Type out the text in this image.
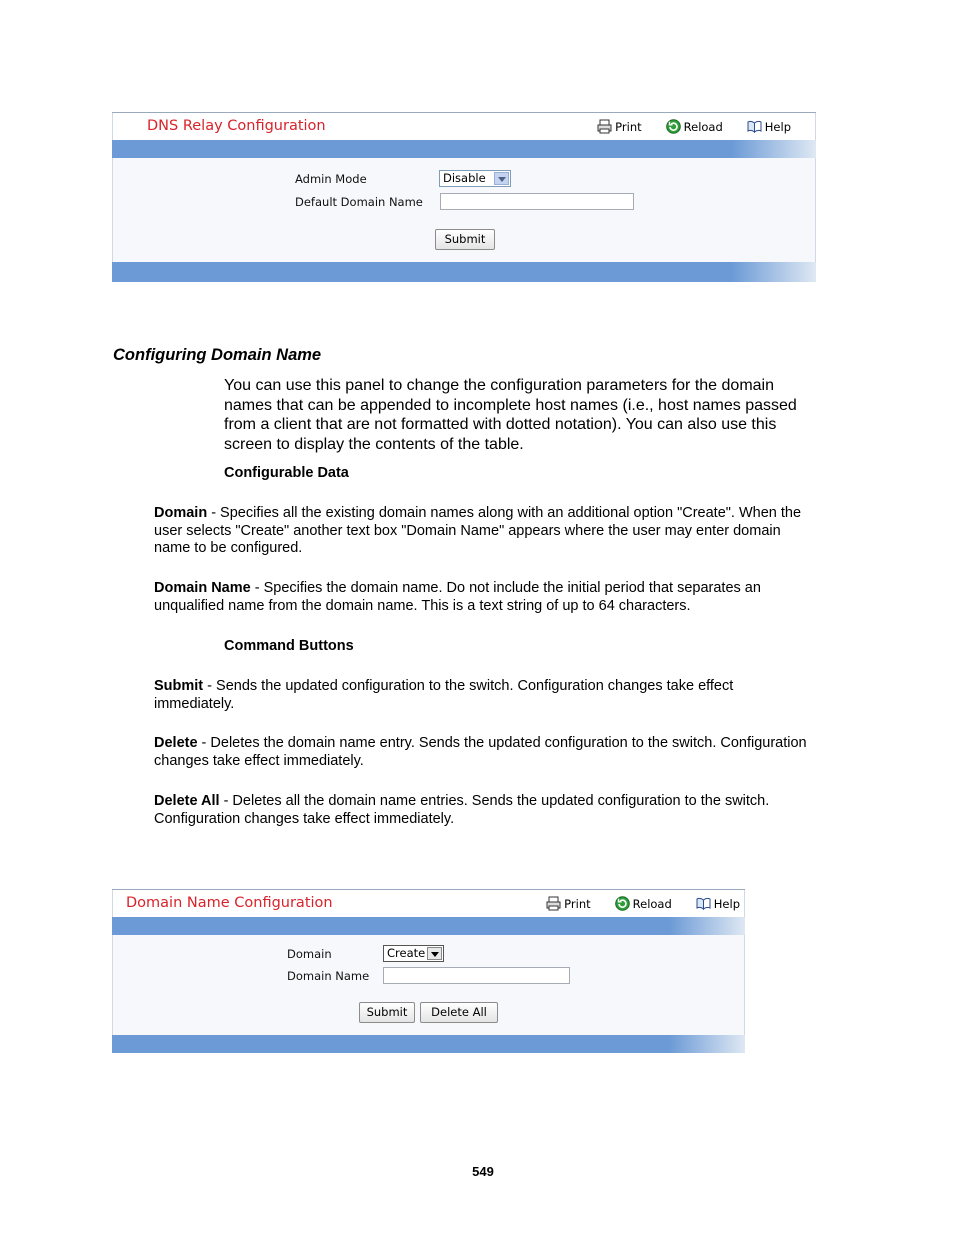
DNS Relay Configuration	Print	Reload	Help
Admin Mode	Disable
Default Domain Name
Submit
Configuring Domain Name
You can use this panel to change the configuration parameters for the domain
names that can be appended to incomplete host names (i.e., host names passed
from a client that are not formatted with dotted notation). You can also use this
screen to display the contents of the table.
Configurable Data
Domain - Specifies all the existing domain names along with an additional option "Create". When the
user selects "Create" another text box "Domain Name" appears where the user may enter domain
name to be configured.
Domain Name - Specifies the domain name. Do not include the initial period that separates an
unqualified name from the domain name. This is a text string of up to 64 characters.
Command Buttons
Submit - Sends the updated configuration to the switch. Configuration changes take effect
immediately.
Delete - Deletes the domain name entry. Sends the updated configuration to the switch. Configuration
changes take effect immediately.
Delete All - Deletes all the domain name entries. Sends the updated configuration to the switch.
Configuration changes take effect immediately.
Domain Name Configuration	Print	Reload	Help
Domain	Create
Domain Name
Submit	Delete All
549
